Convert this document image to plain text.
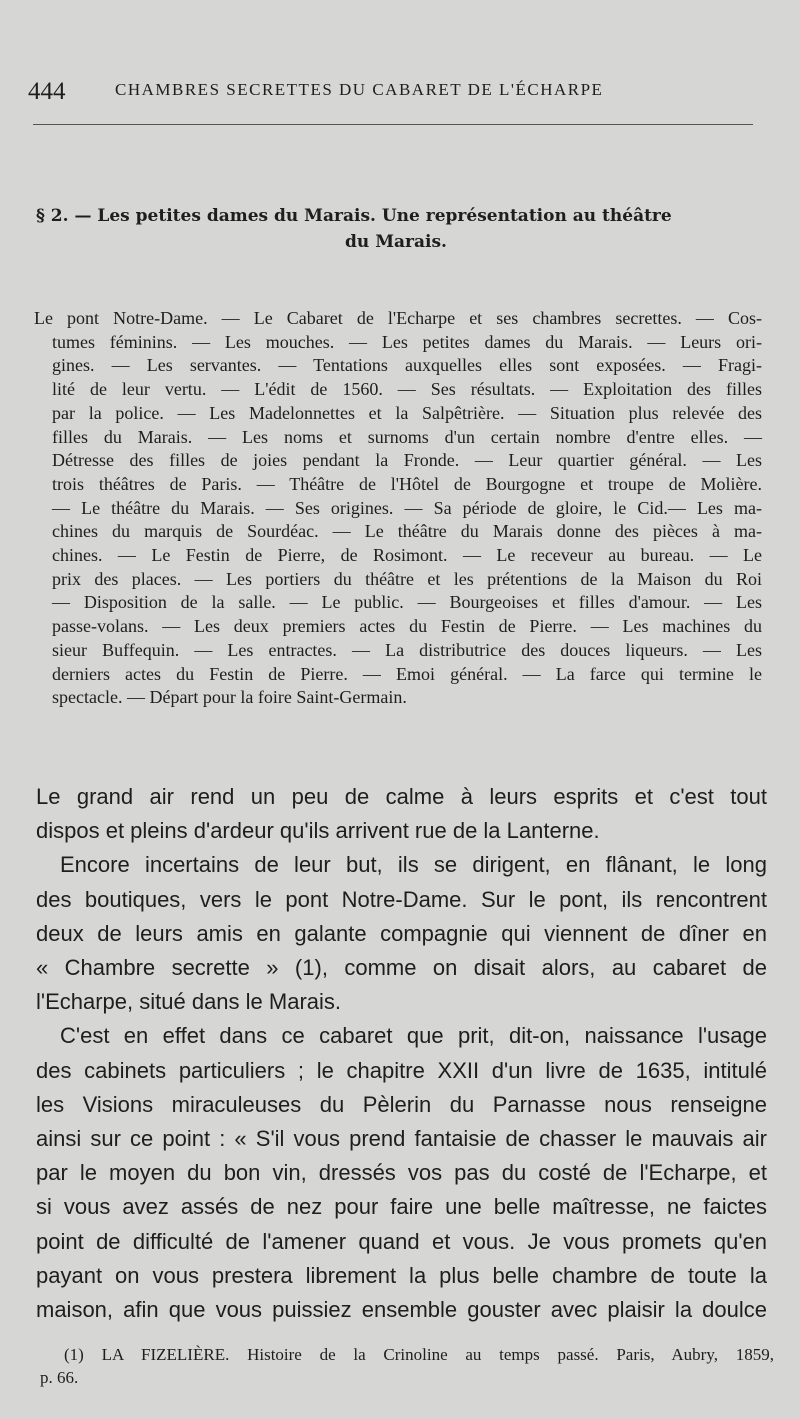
444	CHAMBRES SECRETTES DU CABARET DE L'ÉCHARPE
§ 2. — Les petites dames du Marais. Une représentation au théâtre
du Marais.
Le pont Notre-Dame. — Le Cabaret de l'Echarpe et ses chambres secrettes. — Cos-
tumes féminins. — Les mouches. — Les petites dames du Marais. — Leurs ori-
gines. — Les servantes. — Tentations auxquelles elles sont exposées. — Fragi-
lité de leur vertu. — L'édit de 1560. — Ses résultats. — Exploitation des filles
par la police. — Les Madelonnettes et la Salpêtrière. — Situation plus relevée des
filles du Marais. — Les noms et surnoms d'un certain nombre d'entre elles. —
Détresse des filles de joies pendant la Fronde. — Leur quartier général. — Les
trois théâtres de Paris. — Théâtre de l'Hôtel de Bourgogne et troupe de Molière.
— Le théâtre du Marais. — Ses origines. — Sa période de gloire, le Cid.— Les ma-
chines du marquis de Sourdéac. — Le théâtre du Marais donne des pièces à ma-
chines. — Le Festin de Pierre, de Rosimont. — Le receveur au bureau. — Le
prix des places. — Les portiers du théâtre et les prétentions de la Maison du Roi
— Disposition de la salle. — Le public. — Bourgeoises et filles d'amour. — Les
passe-volans. — Les deux premiers actes du Festin de Pierre. — Les machines du
sieur Buffequin. — Les entractes. — La distributrice des douces liqueurs. — Les
derniers actes du Festin de Pierre. — Emoi général. — La farce qui termine le
spectacle. — Départ pour la foire Saint-Germain.
Le grand air rend un peu de calme à leurs esprits et c'est tout
dispos et pleins d'ardeur qu'ils arrivent rue de la Lanterne.
Encore incertains de leur but, ils se dirigent, en flânant, le long
des boutiques, vers le pont Notre-Dame. Sur le pont, ils rencontrent
deux de leurs amis en galante compagnie qui viennent de dîner en
« Chambre secrette » (1), comme on disait alors, au cabaret de
l'Echarpe, situé dans le Marais.
C'est en effet dans ce cabaret que prit, dit-on, naissance l'usage
des cabinets particuliers ; le chapitre XXII d'un livre de 1635, intitulé
les Visions miraculeuses du Pèlerin du Parnasse nous renseigne
ainsi sur ce point : « S'il vous prend fantaisie de chasser le mauvais air
par le moyen du bon vin, dressés vos pas du costé de l'Echarpe, et
si vous avez assés de nez pour faire une belle maîtresse, ne faictes
point de difficulté de l'amener quand et vous. Je vous promets qu'en
payant on vous prestera librement la plus belle chambre de toute la
maison, afin que vous puissiez ensemble gouster avec plaisir la doulce
(1) LA FIZELIÈRE. Histoire de la Crinoline au temps passé. Paris, Aubry, 1859,
p. 66.
